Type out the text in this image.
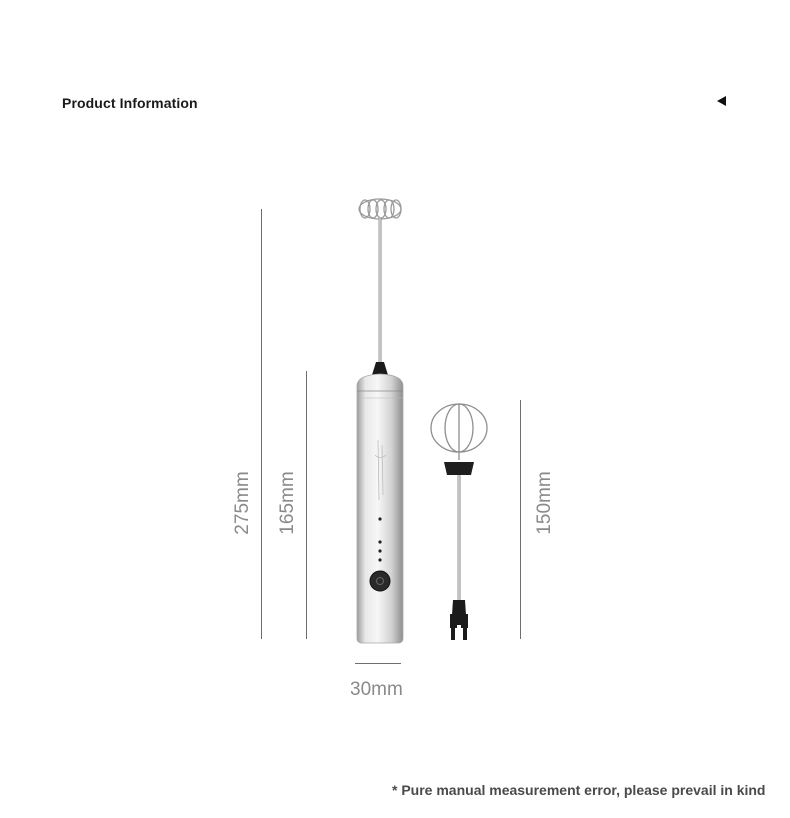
Product Information
275mm 165mm	150mm
30mm
* Pure manual measurement error, please prevail in kind
